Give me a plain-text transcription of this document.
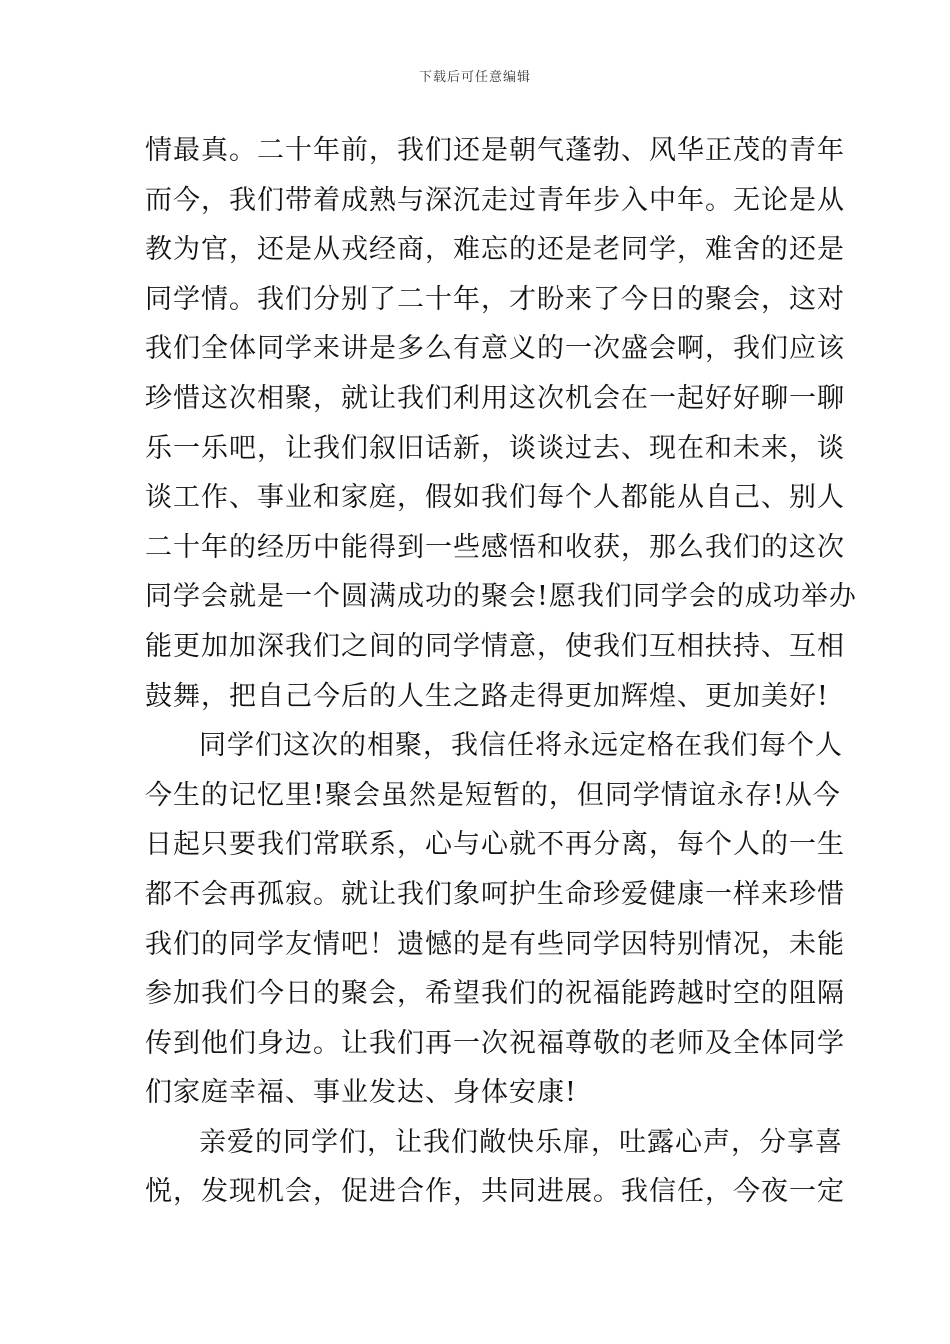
下载后可任意编辑
情最真。二十年前，我们还是朝气蓬勃、风华正茂的青年
而今，我们带着成熟与深沉走过青年步入中年。无论是从
教为官，还是从戎经商，难忘的还是老同学，难舍的还是
同学情。我们分别了二十年，才盼来了今日的聚会，这对
我们全体同学来讲是多么有意义的一次盛会啊，我们应该
珍惜这次相聚，就让我们利用这次机会在一起好好聊一聊
乐一乐吧，让我们叙旧话新，谈谈过去、现在和未来，谈
谈工作、事业和家庭，假如我们每个人都能从自己、别人
二十年的经历中能得到一些感悟和收获，那么我们的这次
同学会就是一个圆满成功的聚会!愿我们同学会的成功举办
能更加加深我们之间的同学情意，使我们互相扶持、互相
鼓舞，把自己今后的人生之路走得更加辉煌、更加美好!
同学们这次的相聚，我信任将永远定格在我们每个人
今生的记忆里!聚会虽然是短暂的，但同学情谊永存!从今
日起只要我们常联系，心与心就不再分离，每个人的一生
都不会再孤寂。就让我们象呵护生命珍爱健康一样来珍惜
我们的同学友情吧！遗憾的是有些同学因特别情况，未能
参加我们今日的聚会，希望我们的祝福能跨越时空的阻隔
传到他们身边。让我们再一次祝福尊敬的老师及全体同学
们家庭幸福、事业发达、身体安康!
亲爱的同学们，让我们敞快乐扉，吐露心声，分享喜
悦，发现机会，促进合作，共同进展。我信任，今夜一定
